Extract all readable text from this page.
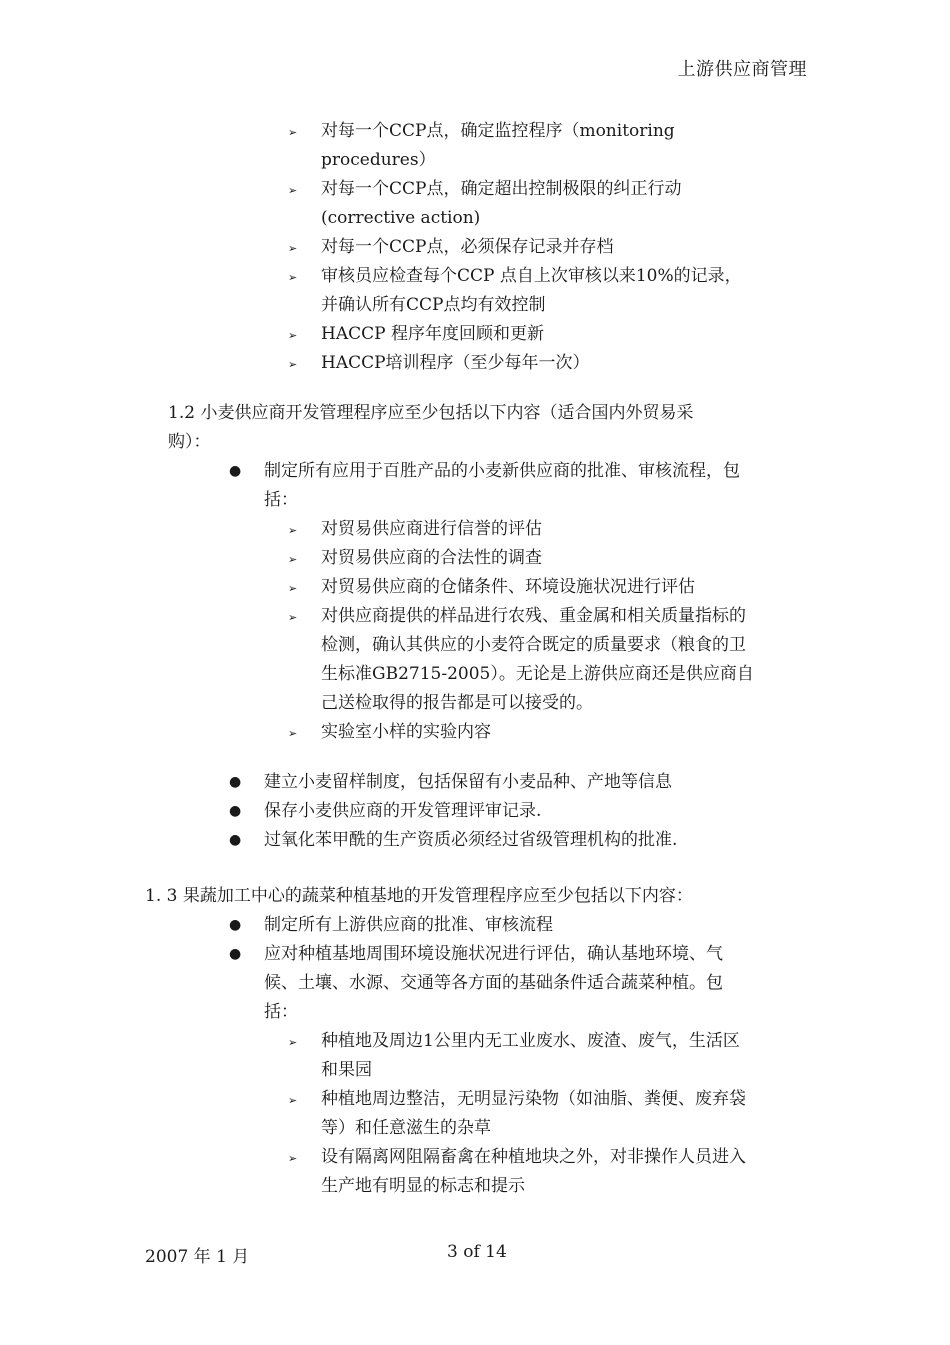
上游供应商管理
➢ 对每一个CCP点，确定监控程序（monitoring
procedures）
➢ 对每一个CCP点，确定超出控制极限的纠正行动
(corrective action)
➢ 对每一个CCP点，必须保存记录并存档
➢ 审核员应检查每个CCP 点自上次审核以来10%的记录，
并确认所有CCP点均有效控制
➢ HACCP 程序年度回顾和更新
➢ HACCP培训程序（至少每年一次）
1.2 小麦供应商开发管理程序应至少包括以下内容（适合国内外贸易采
购）：
● 制定所有应用于百胜产品的小麦新供应商的批准、审核流程，包
括：
➢ 对贸易供应商进行信誉的评估
➢ 对贸易供应商的合法性的调查
➢ 对贸易供应商的仓储条件、环境设施状况进行评估
➢ 对供应商提供的样品进行农残、重金属和相关质量指标的
检测，确认其供应的小麦符合既定的质量要求（粮食的卫
生标准GB2715-2005）。无论是上游供应商还是供应商自
己送检取得的报告都是可以接受的。
➢ 实验室小样的实验内容
● 建立小麦留样制度，包括保留有小麦品种、产地等信息
● 保存小麦供应商的开发管理评审记录.
● 过氧化苯甲酰的生产资质必须经过省级管理机构的批准.
1. 3 果蔬加工中心的蔬菜种植基地的开发管理程序应至少包括以下内容：
● 制定所有上游供应商的批准、审核流程
● 应对种植基地周围环境设施状况进行评估，确认基地环境、气
候、土壤、水源、交通等各方面的基础条件适合蔬菜种植。包
括：
➢ 种植地及周边1公里内无工业废水、废渣、废气，生活区
和果园
➢ 种植地周边整洁，无明显污染物（如油脂、粪便、废弃袋
等）和任意滋生的杂草
➢ 设有隔离网阻隔畜禽在种植地块之外，对非操作人员进入
生产地有明显的标志和提示
2007 年 1 月	3 of 14
